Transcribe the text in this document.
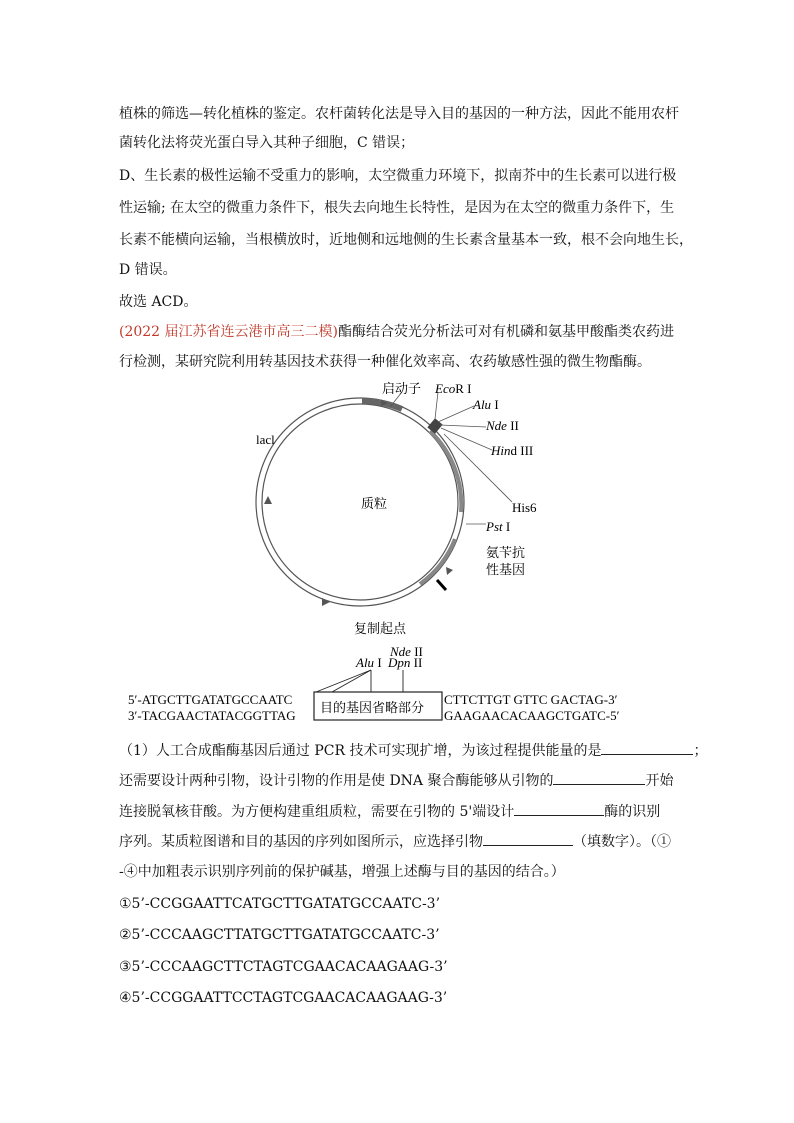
植株的筛选—转化植株的鉴定。农杆菌转化法是导入目的基因的一种方法，因此不能用农杆
菌转化法将荧光蛋白导入其种子细胞，C 错误；
D、生长素的极性运输不受重力的影响，太空微重力环境下，拟南芥中的生长素可以进行极
性运输; 在太空的微重力条件下，根失去向地生长特性，是因为在太空的微重力条件下，生
长素不能横向运输，当根横放时，近地侧和远地侧的生长素含量基本一致，根不会向地生长，
D 错误。
故选 ACD。
(2022 届江苏省连云港市高三二模)酯酶结合荧光分析法可对有机磷和氨基甲酸酯类农药进
行检测，某研究院利用转基因技术获得一种催化效率高、农药敏感性强的微生物酯酶。
启动子 EcoR I
Alu I
Nde II
Hind III
His6
Pst I
氨苄抗
性基因
lacl
质粒
复制起点
Nde II
Alu I Dpn II
5′-ATGCTTGATATGCCAATC
3′-TACGAACTATACGGTTAG 目的基因省略部分
CTTCTTGT GTTC GACTAG-3′
GAAGAACACAAGCTGATC-5′
（1）人工合成酯酶基因后通过 PCR 技术可实现扩增，为该过程提供能量的是	；
还需要设计两种引物，设计引物的作用是使 DNA 聚合酶能够从引物的	开始
连接脱氧核苷酸。为方便构建重组质粒，需要在引物的 5'端设计	酶的识别
序列。某质粒图谱和目的基因的序列如图所示，应选择引物	（填数字）。（①
-④中加粗表示识别序列前的保护碱基，增强上述酶与目的基因的结合。）
①5’-CCGGAATTCATGCTTGATATGCCAATC-3’
②5’-CCCAAGCTTATGCTTGATATGCCAATC-3’
③5’-CCCAAGCTTCTAGTCGAACACAAGAAG-3’
④5’-CCGGAATTCCTAGTCGAACACAAGAAG-3’
